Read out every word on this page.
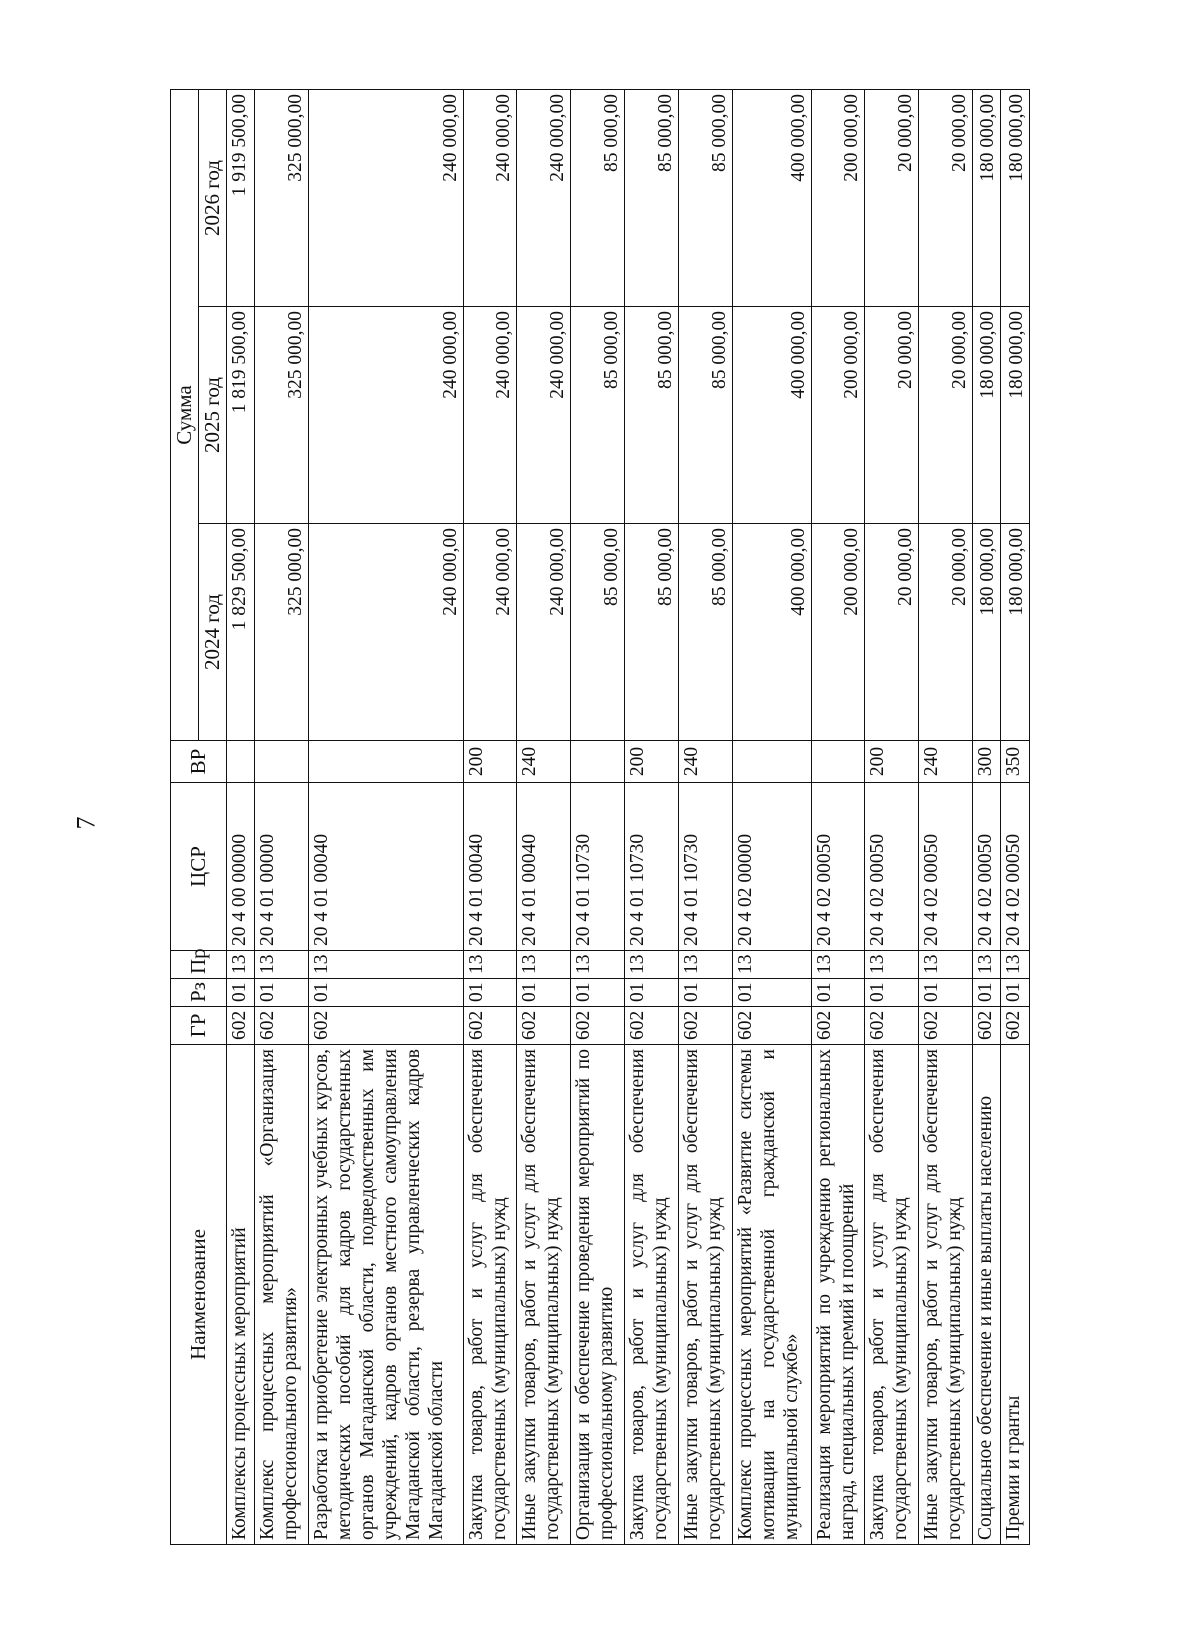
7
Наименование	ГР	Рз	Пр	ЦСР	ВР	Сумма		
						2024 год	2025 год	2026 год
Комплексы процессных мероприятий	602	01	13	20 4 00 00000		1 829 500,00	1 819 500,00	1 919 500,00
Комплекс процессных мероприятий «Организация профессионального развития»	602	01	13	20 4 01 00000		325 000,00	325 000,00	325 000,00
Разработка и приобретение электронных учебных курсов, методических пособий для кадров государственных органов Магаданской области, подведомственных им учреждений, кадров органов местного самоуправления Магаданской области, резерва управленческих кадров Магаданской области	602	01	13	20 4 01 00040		240 000,00	240 000,00	240 000,00
Закупка товаров, работ и услуг для обеспечения государственных (муниципальных) нужд	602	01	13	20 4 01 00040	200	240 000,00	240 000,00	240 000,00
Иные закупки товаров, работ и услуг для обеспечения государственных (муниципальных) нужд	602	01	13	20 4 01 00040	240	240 000,00	240 000,00	240 000,00
Организация и обеспечение проведения мероприятий по профессиональному развитию	602	01	13	20 4 01 10730		85 000,00	85 000,00	85 000,00
Закупка товаров, работ и услуг для обеспечения государственных (муниципальных) нужд	602	01	13	20 4 01 10730	200	85 000,00	85 000,00	85 000,00
Иные закупки товаров, работ и услуг для обеспечения государственных (муниципальных) нужд	602	01	13	20 4 01 10730	240	85 000,00	85 000,00	85 000,00
Комплекс процессных мероприятий «Развитие системы мотивации на государственной гражданской и муниципальной службе»	602	01	13	20 4 02 00000		400 000,00	400 000,00	400 000,00
Реализация мероприятий по учреждению региональных наград, специальных премий и поощрений	602	01	13	20 4 02 00050		200 000,00	200 000,00	200 000,00
Закупка товаров, работ и услуг для обеспечения государственных (муниципальных) нужд	602	01	13	20 4 02 00050	200	20 000,00	20 000,00	20 000,00
Иные закупки товаров, работ и услуг для обеспечения государственных (муниципальных) нужд	602	01	13	20 4 02 00050	240	20 000,00	20 000,00	20 000,00
Социальное обеспечение и иные выплаты населению	602	01	13	20 4 02 00050	300	180 000,00	180 000,00	180 000,00
Премии и гранты	602	01	13	20 4 02 00050	350	180 000,00	180 000,00	180 000,00
